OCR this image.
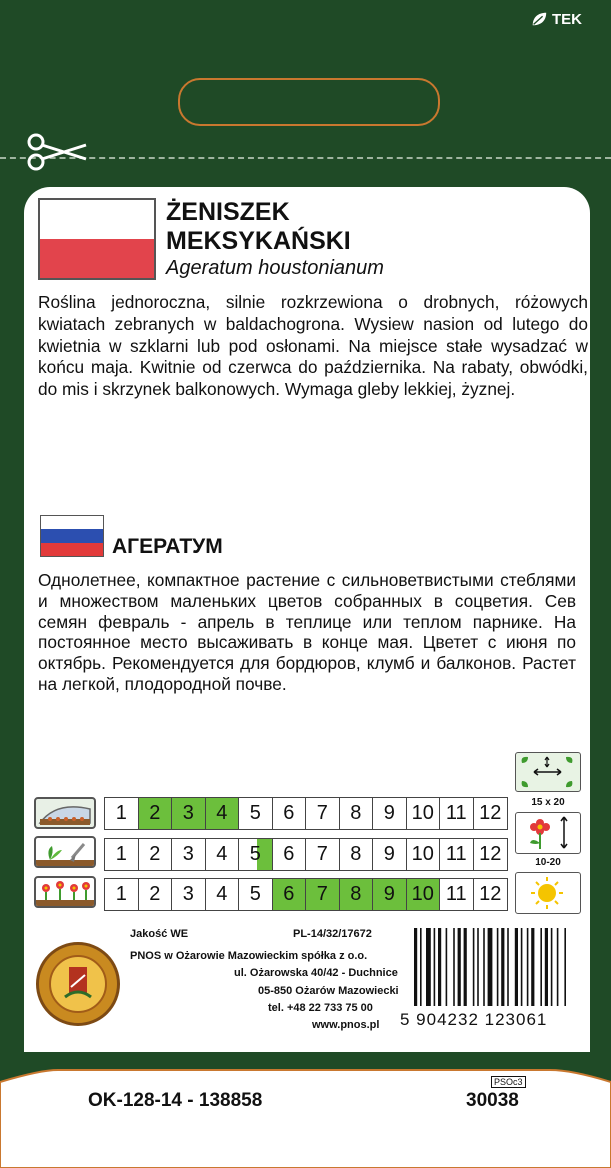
TEK
ŻENISZEK
MEKSYKAŃSKI
Ageratum houstonianum
Roślina jednoroczna, silnie rozkrzewiona o drobnych, różowych kwiatach zebranych w baldachogrona. Wysiew nasion od lutego do kwietnia w szklarni lub pod osłonami. Na miejsce stałe wysadzać w końcu maja. Kwitnie od czerwca do października. Na rabaty, obwódki, do mis i skrzynek balkonowych. Wymaga gleby lekkiej, żyznej.
АГЕРАТУМ
Однолетнее, компактное растение с сильноветвистыми стеблями и множеством маленьких цветов собранных в соцветия. Сев семян февраль - апрель в теплице или теплом парнике. На постоянное место высаживать в конце мая. Цветет с июня по октябрь. Рекомендуется для бордюров, клумб и балконов. Растет на легкой, плодородной почве.
1	2	3	4	5	6	7	8	9 10 11 12
1	2	3	4	5	6	7	8	9 10 11 12
1	2	3	4	5	6	7	8	9 10 11 12
15 x 20
10-20
Jakość WE	PL-14/32/17672
PNOS w Ożarowie Mazowieckim spółka z o.o.
ul. Ożarowska 40/42 - Duchnice
05-850 Ożarów Mazowiecki
tel. +48 22 733 75 00
www.pnos.pl 5 904232 123061
OK-128-14 - 138858
PSOc3
30038
